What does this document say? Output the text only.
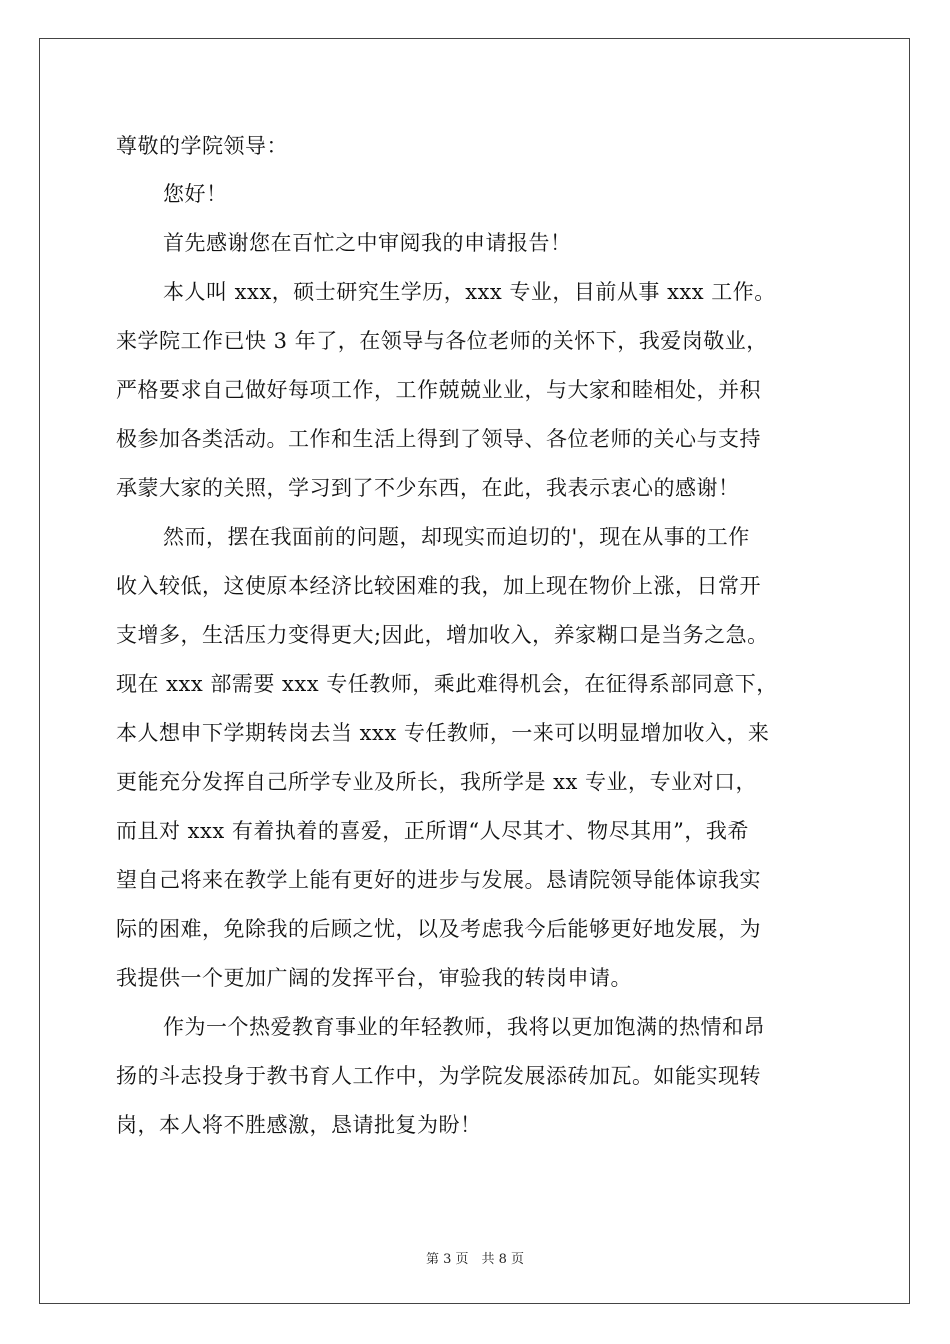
尊敬的学院领导：
您好！
首先感谢您在百忙之中审阅我的申请报告！
本人叫 xxx，硕士研究生学历，xxx 专业，目前从事 xxx 工作。
来学院工作已快 3 年了，在领导与各位老师的关怀下，我爱岗敬业，
严格要求自己做好每项工作，工作兢兢业业，与大家和睦相处，并积
极参加各类活动。工作和生活上得到了领导、各位老师的关心与支持
承蒙大家的关照，学习到了不少东西，在此，我表示衷心的感谢！
然而，摆在我面前的问题，却现实而迫切的'，现在从事的工作
收入较低，这使原本经济比较困难的我，加上现在物价上涨，日常开
支增多，生活压力变得更大;因此，增加收入，养家糊口是当务之急。
现在 xxx 部需要 xxx 专任教师，乘此难得机会，在征得系部同意下，
本人想申下学期转岗去当 xxx 专任教师，一来可以明显增加收入，来
更能充分发挥自己所学专业及所长，我所学是 xx 专业，专业对口，
而且对 xxx 有着执着的喜爱，正所谓“人尽其才、物尽其用”，我希
望自己将来在教学上能有更好的进步与发展。恳请院领导能体谅我实
际的困难，免除我的后顾之忧，以及考虑我今后能够更好地发展，为
我提供一个更加广阔的发挥平台，审验我的转岗申请。
作为一个热爱教育事业的年轻教师，我将以更加饱满的热情和昂
扬的斗志投身于教书育人工作中，为学院发展添砖加瓦。如能实现转
岗，本人将不胜感激，恳请批复为盼！
第 3 页　共 8 页
